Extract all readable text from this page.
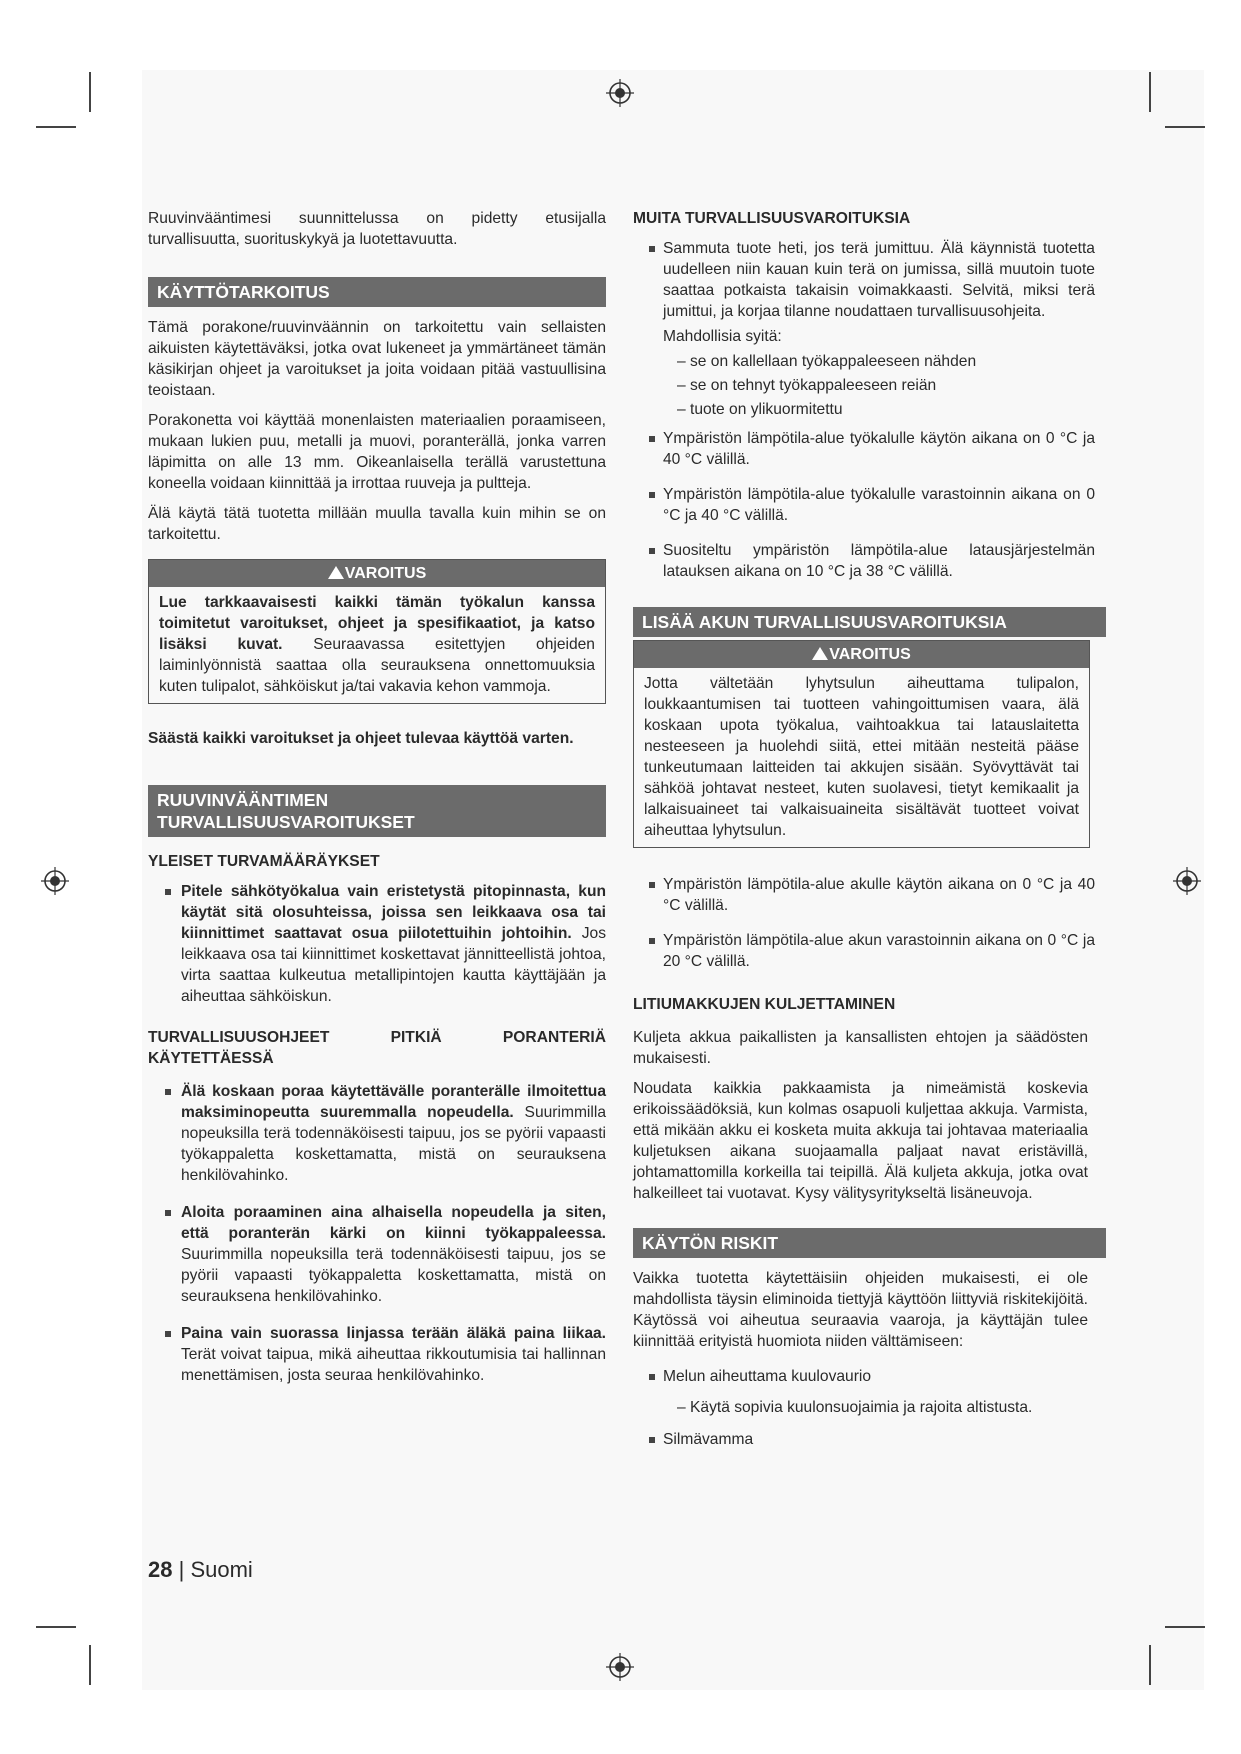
Ruuvinvääntimesi suunnittelussa on pidetty etusijalla turvallisuutta, suorituskykyä ja luotettavuutta.

KÄYTTÖTARKOITUS

Tämä porakone/ruuvinväännin on tarkoitettu vain sellaisten aikuisten käytettäväksi, jotka ovat lukeneet ja ymmärtäneet tämän käsikirjan ohjeet ja varoitukset ja joita voidaan pitää vastuullisina teoistaan.

Porakonetta voi käyttää monenlaisten materiaalien poraamiseen, mukaan lukien puu, metalli ja muovi, poranterällä, jonka varren läpimitta on alle 13 mm. Oikeanlaisella terällä varustettuna koneella voidaan kiinnittää ja irrottaa ruuveja ja pultteja.

Älä käytä tätä tuotetta millään muulla tavalla kuin mihin se on tarkoitettu.

VAROITUS
Lue tarkkaavaisesti kaikki tämän työkalun kanssa toimitetut varoitukset, ohjeet ja spesifikaatiot, ja katso lisäksi kuvat. Seuraavassa esitettyjen ohjeiden laiminlyönnistä saattaa olla seurauksena onnettomuuksia kuten tulipalot, sähköiskut ja/tai vakavia kehon vammoja.

Säästä kaikki varoitukset ja ohjeet tulevaa käyttöä varten.

RUUVINVÄÄNTIMEN
TURVALLISUUSVAROITUKSET
YLEISET TURVAMÄÄRÄYKSET
Pitele sähkötyökalua vain eristetystä pitopinnasta, kun käytät sitä olosuhteissa, joissa sen leikkaava osa tai kiinnittimet saattavat osua piilotettuihin johtoihin. Jos leikkaava osa tai kiinnittimet koskettavat jännitteellistä johtoa, virta saattaa kulkeutua metallipintojen kautta käyttäjään ja aiheuttaa sähköiskun.
TURVALLISUUSOHJEET PITKIÄ PORANTERIÄ KÄYTETTÄESSÄ
Älä koskaan poraa käytettävälle poranterälle ilmoitettua maksiminopeutta suuremmalla nopeudella. Suurimmilla nopeuksilla terä todennäköisesti taipuu, jos se pyörii vapaasti työkappaletta koskettamatta, mistä on seurauksena henkilövahinko.
Aloita poraaminen aina alhaisella nopeudella ja siten, että poranterän kärki on kiinni työkappaleessa. Suurimmilla nopeuksilla terä todennäköisesti taipuu, jos se pyörii vapaasti työkappaletta koskettamatta, mistä on seurauksena henkilövahinko.
Paina vain suorassa linjassa terään äläkä paina liikaa. Terät voivat taipua, mikä aiheuttaa rikkoutumisia tai hallinnan menettämisen, josta seuraa henkilövahinko.
MUITA TURVALLISUUSVAROITUKSIA
Sammuta tuote heti, jos terä jumittuu. Älä käynnistä tuotetta uudelleen niin kauan kuin terä on jumissa, sillä muutoin tuote saattaa potkaista takaisin voimakkaasti. Selvitä, miksi terä jumittui, ja korjaa tilanne noudattaen turvallisuusohjeita.

Mahdollisia syitä:

– se on kallellaan työkappaleeseen nähden
– se on tehnyt työkappaleeseen reiän
– tuote on ylikuormitettu
Ympäristön lämpötila-alue työkalulle käytön aikana on 0 °C ja 40 °C välillä.
Ympäristön lämpötila-alue työkalulle varastoinnin aikana on 0 °C ja 40 °C välillä.
Suositeltu ympäristön lämpötila-alue latausjärjestelmän latauksen aikana on 10 °C ja 38 °C välillä.
LISÄÄ AKUN TURVALLISUUSVAROITUKSIA
VAROITUS
Jotta vältetään lyhytsulun aiheuttama tulipalon, loukkaantumisen tai tuotteen vahingoittumisen vaara, älä koskaan upota työkalua, vaihtoakkua tai latauslaitetta nesteeseen ja huolehdi siitä, ettei mitään nesteitä pääse tunkeutumaan laitteiden tai akkujen sisään. Syövyttävät tai sähköä johtavat nesteet, kuten suolavesi, tietyt kemikaalit ja lalkaisuaineet tai valkaisuaineita sisältävät tuotteet voivat aiheuttaa lyhytsulun.
Ympäristön lämpötila-alue akulle käytön aikana on 0 °C ja 40 °C välillä.
Ympäristön lämpötila-alue akun varastoinnin aikana on 0 °C ja 20 °C välillä.
LITIUMAKKUJEN KULJETTAMINEN

Kuljeta akkua paikallisten ja kansallisten ehtojen ja säädösten mukaisesti.

Noudata kaikkia pakkaamista ja nimeämistä koskevia erikoissäädöksiä, kun kolmas osapuoli kuljettaa akkuja. Varmista, että mikään akku ei kosketa muita akkuja tai johtavaa materiaalia kuljetuksen aikana suojaamalla paljaat navat eristävillä, johtamattomilla korkeilla tai teipillä. Älä kuljeta akkuja, jotka ovat halkeilleet tai vuotavat. Kysy välitysyritykseltä lisäneuvoja.

KÄYTÖN RISKIT

Vaikka tuotetta käytettäisiin ohjeiden mukaisesti, ei ole mahdollista täysin eliminoida tiettyjä käyttöön liittyviä riskitekijöitä. Käytössä voi aiheutua seuraavia vaaroja, ja käyttäjän tulee kiinnittää erityistä huomiota niiden välttämiseen:

Melun aiheuttama kuulovaurio
– Käytä sopivia kuulonsuojaimia ja rajoita altistusta.
Silmävamma
28 | Suomi
